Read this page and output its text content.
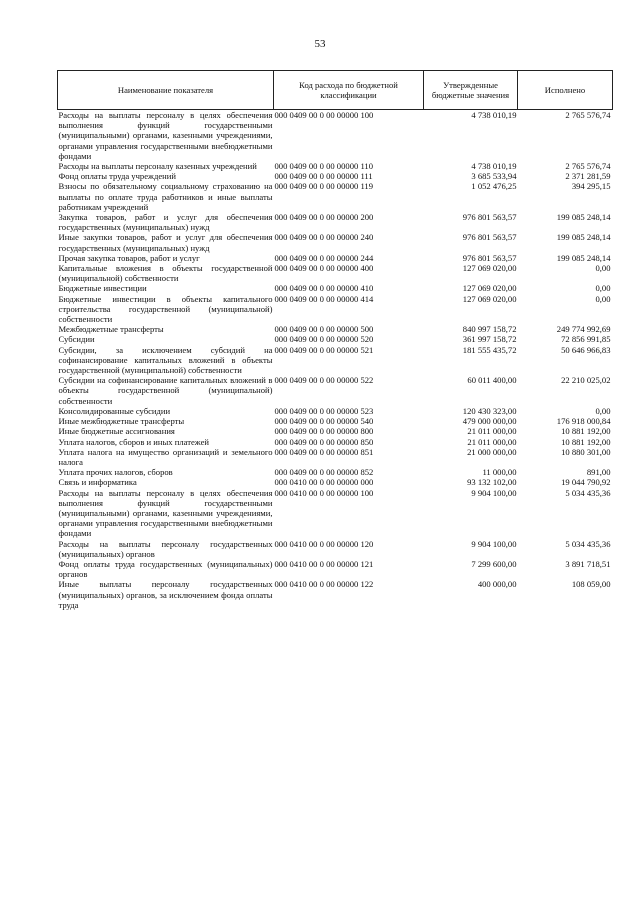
53
Наименование показателя	Код расхода по бюджетной классификации	Утвержденные бюджетные значения	Исполнено
Расходы на выплаты персоналу в целях обеспечения выполнения функций государственными (муниципальными) органами, казенными учреждениями, органами управления государственными внебюджетными фондами	000 0409 00 0 00 00000 100	4 738 010,19	2 765 576,74
Расходы на выплаты персоналу казенных учреждений	000 0409 00 0 00 00000 110	4 738 010,19	2 765 576,74
Фонд оплаты труда учреждений	000 0409 00 0 00 00000 111	3 685 533,94	2 371 281,59
Взносы по обязательному социальному страхованию на выплаты по оплате труда работников и иные выплаты работникам учреждений	000 0409 00 0 00 00000 119	1 052 476,25	394 295,15
Закупка товаров, работ и услуг для обеспечения государственных (муниципальных) нужд	000 0409 00 0 00 00000 200	976 801 563,57	199 085 248,14
Иные закупки товаров, работ и услуг для обеспечения государственных (муниципальных) нужд	000 0409 00 0 00 00000 240	976 801 563,57	199 085 248,14
Прочая закупка товаров, работ и услуг	000 0409 00 0 00 00000 244	976 801 563,57	199 085 248,14
Капитальные вложения в объекты государственной (муниципальной) собственности	000 0409 00 0 00 00000 400	127 069 020,00	0,00
Бюджетные инвестиции	000 0409 00 0 00 00000 410	127 069 020,00	0,00
Бюджетные инвестиции в объекты капитального строительства государственной (муниципальной) собственности	000 0409 00 0 00 00000 414	127 069 020,00	0,00
Межбюджетные трансферты	000 0409 00 0 00 00000 500	840 997 158,72	249 774 992,69
Субсидии	000 0409 00 0 00 00000 520	361 997 158,72	72 856 991,85
Субсидии, за исключением субсидий на софинансирование капитальных вложений в объекты государственной (муниципальной) собственности	000 0409 00 0 00 00000 521	181 555 435,72	50 646 966,83
Субсидии на софинансирование капитальных вложений в объекты государственной (муниципальной) собственности	000 0409 00 0 00 00000 522	60 011 400,00	22 210 025,02
Консолидированные субсидии	000 0409 00 0 00 00000 523	120 430 323,00	0,00
Иные межбюджетные трансферты	000 0409 00 0 00 00000 540	479 000 000,00	176 918 000,84
Иные бюджетные ассигнования	000 0409 00 0 00 00000 800	21 011 000,00	10 881 192,00
Уплата налогов, сборов и иных платежей	000 0409 00 0 00 00000 850	21 011 000,00	10 881 192,00
Уплата налога на имущество организаций и земельного налога	000 0409 00 0 00 00000 851	21 000 000,00	10 880 301,00
Уплата прочих налогов, сборов	000 0409 00 0 00 00000 852	11 000,00	891,00
Связь и информатика	000 0410 00 0 00 00000 000	93 132 102,00	19 044 790,92
Расходы на выплаты персоналу в целях обеспечения выполнения функций государственными (муниципальными) органами, казенными учреждениями, органами управления государственными внебюджетными фондами	000 0410 00 0 00 00000 100	9 904 100,00	5 034 435,36
Расходы на выплаты персоналу государственных (муниципальных) органов	000 0410 00 0 00 00000 120	9 904 100,00	5 034 435,36
Фонд оплаты труда государственных (муниципальных) органов	000 0410 00 0 00 00000 121	7 299 600,00	3 891 718,51
Иные выплаты персоналу государственных (муниципальных) органов, за исключением фонда оплаты труда	000 0410 00 0 00 00000 122	400 000,00	108 059,00
